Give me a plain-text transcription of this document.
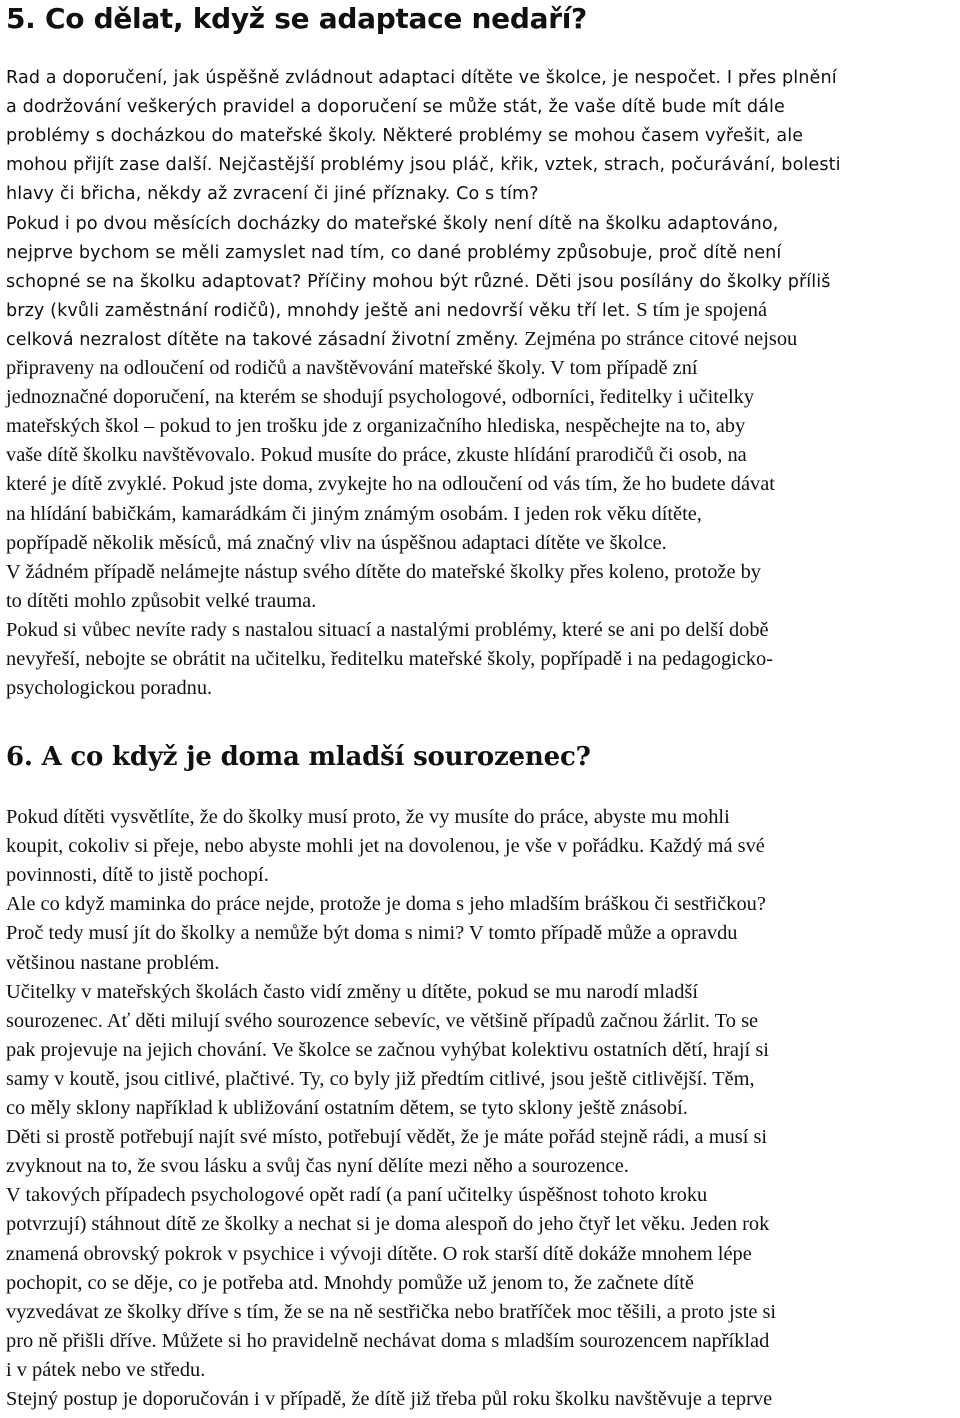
5. Co dělat, když se adaptace nedaří?
Rad a doporučení, jak úspěšně zvládnout adaptaci dítěte ve školce, je nespočet. I přes plnění
a dodržování veškerých pravidel a doporučení se může stát, že vaše dítě bude mít dále
problémy s docházkou do mateřské školy. Některé problémy se mohou časem vyřešit, ale
mohou přijít zase další. Nejčastější problémy jsou pláč, křik, vztek, strach, počurávání, bolesti
hlavy či břicha, někdy až zvracení či jiné příznaky. Co s tím?
Pokud i po dvou měsících docházky do mateřské školy není dítě na školku adaptováno,
nejprve bychom se měli zamyslet nad tím, co dané problémy způsobuje, proč dítě není
schopné se na školku adaptovat? Příčiny mohou být různé. Děti jsou posílány do školky příliš
brzy (kvůli zaměstnání rodičů), mnohdy ještě ani nedovrší věku tří let. S tím je spojená
celková nezralost dítěte na takové zásadní životní změny. Zejména po stránce citové nejsou
připraveny na odloučení od rodičů a navštěvování mateřské školy. V tom případě zní
jednoznačné doporučení, na kterém se shodují psychologové, odborníci, ředitelky i učitelky
mateřských škol – pokud to jen trošku jde z organizačního hlediska, nespěchejte na to, aby
vaše dítě školku navštěvovalo. Pokud musíte do práce, zkuste hlídání prarodičů či osob, na
které je dítě zvyklé. Pokud jste doma, zvykejte ho na odloučení od vás tím, že ho budete dávat
na hlídání babičkám, kamarádkám či jiným známým osobám. I jeden rok věku dítěte,
popřípadě několik měsíců, má značný vliv na úspěšnou adaptaci dítěte ve školce.
V žádném případě nelámejte nástup svého dítěte do mateřské školky přes koleno, protože by
to dítěti mohlo způsobit velké trauma.
Pokud si vůbec nevíte rady s nastalou situací a nastalými problémy, které se ani po delší době
nevyřeší, nebojte se obrátit na učitelku, ředitelku mateřské školy, popřípadě i na pedagogicko-
psychologickou poradnu.
6. A co když je doma mladší sourozenec?
Pokud dítěti vysvětlíte, že do školky musí proto, že vy musíte do práce, abyste mu mohli
koupit, cokoliv si přeje, nebo abyste mohli jet na dovolenou, je vše v pořádku. Každý má své
povinnosti, dítě to jistě pochopí.
Ale co když maminka do práce nejde, protože je doma s jeho mladším bráškou či sestřičkou?
Proč tedy musí jít do školky a nemůže být doma s nimi? V tomto případě může a opravdu
většinou nastane problém.
Učitelky v mateřských školách často vidí změny u dítěte, pokud se mu narodí mladší
sourozenec. Ať děti milují svého sourozence sebevíc, ve většině případů začnou žárlit. To se
pak projevuje na jejich chování. Ve školce se začnou vyhýbat kolektivu ostatních dětí, hrají si
samy v koutě, jsou citlivé, plačtivé. Ty, co byly již předtím citlivé, jsou ještě citlivější. Těm,
co měly sklony například k ubližování ostatním dětem, se tyto sklony ještě znásobí.
Děti si prostě potřebují najít své místo, potřebují vědět, že je máte pořád stejně rádi, a musí si
zvyknout na to, že svou lásku a svůj čas nyní dělíte mezi něho a sourozence.
V takových případech psychologové opět radí (a paní učitelky úspěšnost tohoto kroku
potvrzují) stáhnout dítě ze školky a nechat si je doma alespoň do jeho čtyř let věku. Jeden rok
znamená obrovský pokrok v psychice i vývoji dítěte. O rok starší dítě dokáže mnohem lépe
pochopit, co se děje, co je potřeba atd. Mnohdy pomůže už jenom to, že začnete dítě
vyzvedávat ze školky dříve s tím, že se na ně sestřička nebo bratříček moc těšili, a proto jste si
pro ně přišli dříve. Můžete si ho pravidelně nechávat doma s mladším sourozencem například
i v pátek nebo ve středu.
Stejný postup je doporučován i v případě, že dítě již třeba půl roku školku navštěvuje a teprve
